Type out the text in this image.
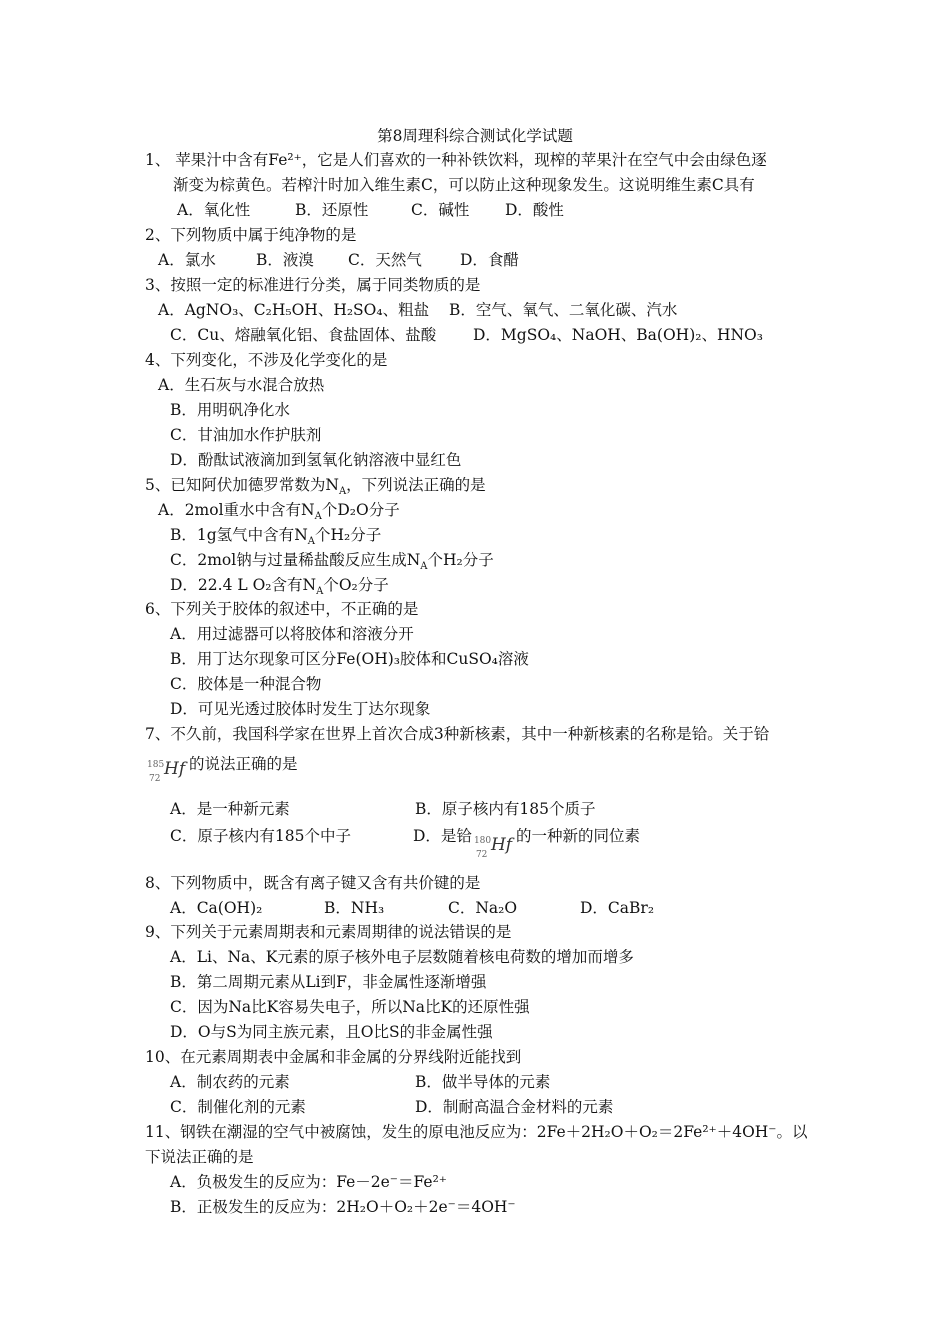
第8周理科综合测试化学试题
1、 苹果汁中含有Fe²⁺，它是人们喜欢的一种补铁饮料，现榨的苹果汁在空气中会由绿色逐
渐变为棕黄色。若榨汁时加入维生素C，可以防止这种现象发生。这说明维生素C具有
A．氧化性	B．还原性	C．碱性 D．酸性
2、下列物质中属于纯净物的是
A．氯水	B．液溴 C．天然气 D．食醋
3、按照一定的标准进行分类，属于同类物质的是
A．AgNO₃、C₂H₅OH、H₂SO₄、粗盐 B．空气、氧气、二氧化碳、汽水
C．Cu、熔融氧化铝、食盐固体、盐酸 D．MgSO₄、NaOH、Ba(OH)₂、HNO₃
4、下列变化，不涉及化学变化的是
A．生石灰与水混合放热
B．用明矾净化水
C．甘油加水作护肤剂
D．酚酞试液滴加到氢氧化钠溶液中显红色
5、已知阿伏加德罗常数为$N_A$，下列说法正确的是
A．2mol重水中含有$N_A$个D₂O分子
B．1g氢气中含有$N_A$个H₂分子
C．2mol钠与过量稀盐酸反应生成$N_A$个H₂分子
D．22.4 L O₂含有$N_A$个O₂分子
6、下列关于胶体的叙述中，不正确的是
A．用过滤器可以将胶体和溶液分开
B．用丁达尔现象可区分Fe(OH)₃胶体和CuSO₄溶液
C．胶体是一种混合物
D．可见光透过胶体时发生丁达尔现象
7、不久前，我国科学家在世界上首次合成3种新核素，其中一种新核素的名称是铪。关于铪
185
72 Hf 的说法正确的是
A．是一种新元素	B．原子核内有185个质子
C．原子核内有185个中子	D．是铪 180
72 Hf 的一种新的同位素
8、下列物质中，既含有离子键又含有共价键的是
A．Ca(OH)₂	B．NH₃	C．Na₂O	D．CaBr₂
9、下列关于元素周期表和元素周期律的说法错误的是
A．Li、Na、K元素的原子核外电子层数随着核电荷数的增加而增多
B．第二周期元素从Li到F，非金属性逐渐增强
C．因为Na比K容易失电子，所以Na比K的还原性强
D．O与S为同主族元素，且O比S的非金属性强
10、在元素周期表中金属和非金属的分界线附近能找到
A．制农药的元素	B．做半导体的元素
C．制催化剂的元素	D．制耐高温合金材料的元素
11、钢铁在潮湿的空气中被腐蚀，发生的原电池反应为：2Fe＋2H₂O＋O₂＝2Fe²⁺＋4OH⁻。以
下说法正确的是
A．负极发生的反应为：Fe－2e⁻＝Fe²⁺
B．正极发生的反应为：2H₂O＋O₂＋2e⁻＝4OH⁻
